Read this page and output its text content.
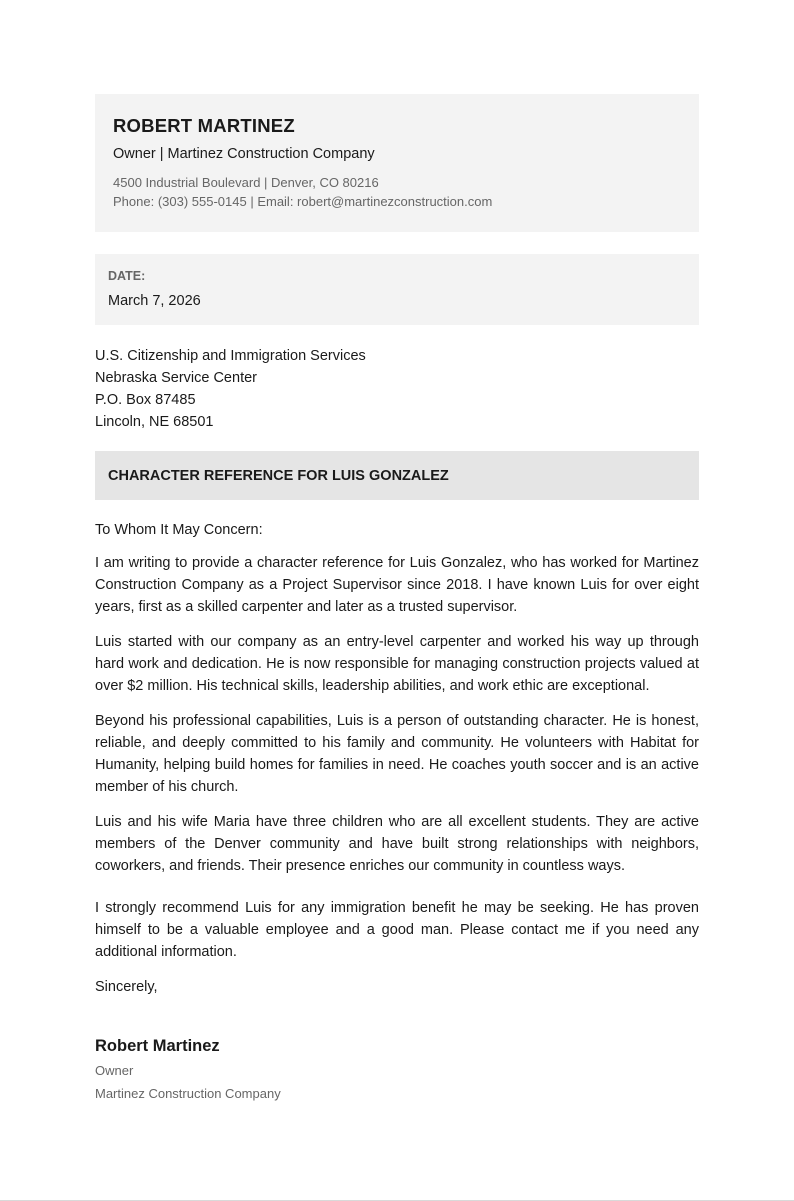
ROBERT MARTINEZ
Owner | Martinez Construction Company
4500 Industrial Boulevard | Denver, CO 80216
Phone: (303) 555-0145 | Email: robert@martinezconstruction.com
DATE:
March 7, 2026
U.S. Citizenship and Immigration Services
Nebraska Service Center
P.O. Box 87485
Lincoln, NE 68501
CHARACTER REFERENCE FOR LUIS GONZALEZ
To Whom It May Concern:
I am writing to provide a character reference for Luis Gonzalez, who has worked for Martinez Construction Company as a Project Supervisor since 2018. I have known Luis for over eight years, first as a skilled carpenter and later as a trusted supervisor.
Luis started with our company as an entry-level carpenter and worked his way up through hard work and dedication. He is now responsible for managing construction projects valued at over $2 million. His technical skills, leadership abilities, and work ethic are exceptional.
Beyond his professional capabilities, Luis is a person of outstanding character. He is honest, reliable, and deeply committed to his family and community. He volunteers with Habitat for Humanity, helping build homes for families in need. He coaches youth soccer and is an active member of his church.
Luis and his wife Maria have three children who are all excellent students. They are active members of the Denver community and have built strong relationships with neighbors, coworkers, and friends. Their presence enriches our community in countless ways.
I strongly recommend Luis for any immigration benefit he may be seeking. He has proven himself to be a valuable employee and a good man. Please contact me if you need any additional information.
Sincerely,
Robert Martinez
Owner
Martinez Construction Company
